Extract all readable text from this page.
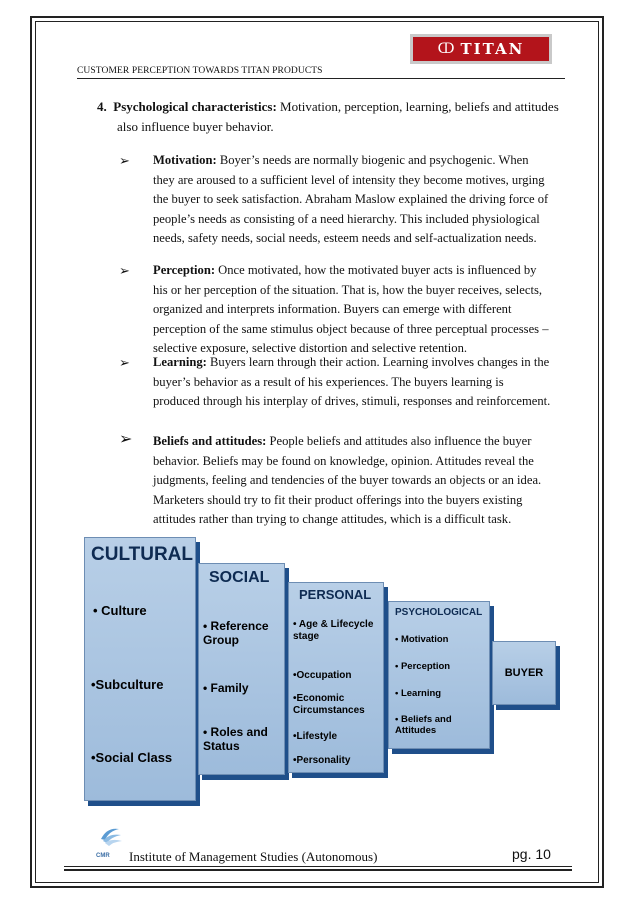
ↀ TITAN
CUSTOMER PERCEPTION TOWARDS TITAN PRODUCTS
4. Psychological characteristics: Motivation, perception, learning, beliefs and attitudes
also influence buyer behavior.
➢ Motivation: Boyer’s needs are normally biogenic and psychogenic. When
they are aroused to a sufficient level of intensity they become motives, urging
the buyer to seek satisfaction. Abraham Maslow explained the driving force of
people’s needs as consisting of a need hierarchy. This included physiological
needs, safety needs, social needs, esteem needs and self-actualization needs.
➢ Perception: Once motivated, how the motivated buyer acts is influenced by
his or her perception of the situation. That is, how the buyer receives, selects,
organized and interprets information. Buyers can emerge with different
perception of the same stimulus object because of three perceptual processes –
selective exposure, selective distortion and selective retention.
➢ Learning: Buyers learn through their action. Learning involves changes in the
buyer’s behavior as a result of his experiences. The buyers learning is
produced through his interplay of drives, stimuli, responses and reinforcement.
➢ Beliefs and attitudes: People beliefs and attitudes also influence the buyer
behavior. Beliefs may be found on knowledge, opinion. Attitudes reveal the
judgments, feeling and tendencies of the buyer towards an objects or an idea.
Marketers should try to fit their product offerings into the buyers existing
attitudes rather than trying to change attitudes, which is a difficult task.
CULTURAL
• Culture
•Subculture
•Social Class
SOCIAL
• Reference Group
• Family
• Roles and Status
PERSONAL
• Age & Lifecycle stage
•Occupation
•Economic Circumstances
•Lifestyle
•Personality
PSYCHOLOGICAL
• Motivation
• Perception
• Learning
• Beliefs and Attitudes
BUYER
CMR Institute of Management Studies (Autonomous)	pg. 10
